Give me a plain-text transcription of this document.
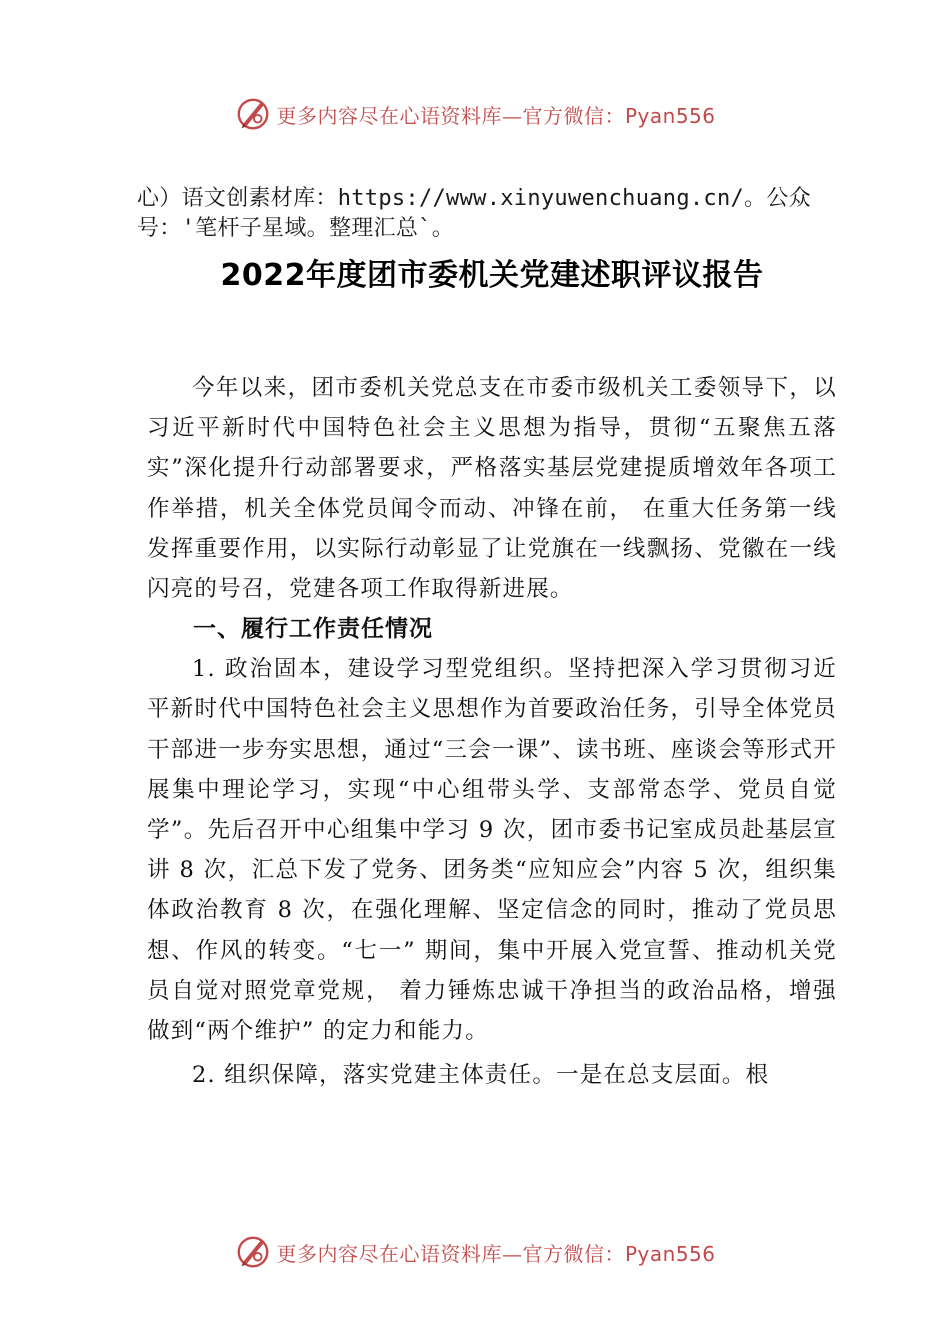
更多内容尽在心语资料库—官方微信：Pyan556

心）语文创素材库：https://www.xinyuwenchuang.cn/。公众号：'笔杆子星域。整理汇总`。

2022年度团市委机关党建述职评议报告

今年以来，团市委机关党总支在市委市级机关工委领导下，以习近平新时代中国特色社会主义思想为指导，贯彻“五聚焦五落实”深化提升行动部署要求，严格落实基层党建提质增效年各项工作举措，机关全体党员闻令而动、冲锋在前， 在重大任务第一线发挥重要作用，以实际行动彰显了让党旗在一线飘扬、党徽在一线闪亮的号召，党建各项工作取得新进展。

一、履行工作责任情况

1. 政治固本，建设学习型党组织。坚持把深入学习贯彻习近平新时代中国特色社会主义思想作为首要政治任务，引导全体党员干部进一步夯实思想，通过“三会一课”、读书班、座谈会等形式开展集中理论学习，实现“中心组带头学、支部常态学、党员自觉学”。先后召开中心组集中学习 9 次，团市委书记室成员赴基层宣讲 8 次，汇总下发了党务、团务类“应知应会”内容 5 次，组织集体政治教育 8 次，在强化理解、坚定信念的同时，推动了党员思想、作风的转变。“七一” 期间，集中开展入党宣誓、推动机关党员自觉对照党章党规， 着力锤炼忠诚干净担当的政治品格，增强做到“两个维护” 的定力和能力。

2. 组织保障，落实党建主体责任。一是在总支层面。根

更多内容尽在心语资料库—官方微信：Pyan556
